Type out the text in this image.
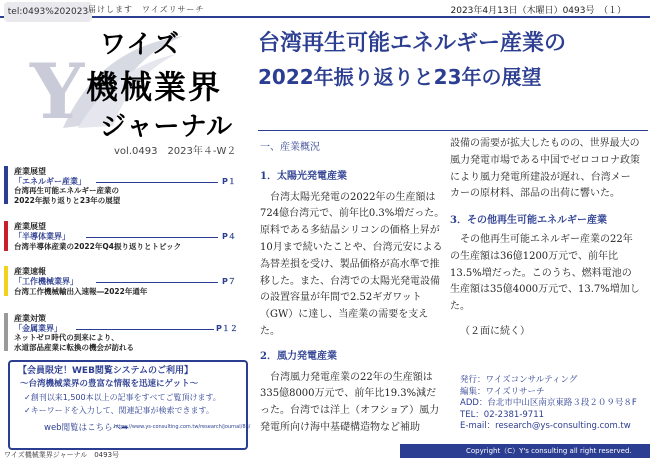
tel:0493%202023 届けします　ワイズリサーチ	2023年4月13日（木曜日）0493号　（１）
Y
ワイズ
機械業界
ジャーナル
vol.0493　2023年４-W２
台湾再生可能エネルギー産業の
2022年振り返りと23年の展望
産業展望
「エネルギー産業」	P１
台湾再生可能エネルギー産業の
2022年振り返りと23年の展望
産業展望
「半導体業界」	P４
台湾半導体産業の2022年Q4振り返りとトピック
産業速報
「工作機械業界」	P７
台湾工作機械輸出入速報―2022年通年
産業対策
「金属業界」	P１２
ネットゼロ時代の到来により、
水道部品産業に転換の機会が訪れる
【会員限定！WEB閲覧システムのご利用】
～台湾機械業界の豊富な情報を迅速にゲット～
✓創刊以来1,500本以上の記事をすべてご覧頂けます。
✓キーワードを入力して、関連記事が検索できます。
web閲覧はこちらへ➡
https://www.ys-consulting.com.tw/research/journal/88/
一、産業概況
1．太陽光発電産業
　台湾太陽光発電の2022年の生産額は724億台湾元で、前年比0.3%増だった。原料である多結晶シリコンの価格上昇が10月まで続いたことや、台湾元安による為替差損を受け、製品価格が高水準で推移した。また、台湾での太陽光発電設備の設置容量が年間で2.52ギガワット（GW）に達し、当産業の需要を支えた。
2．風力発電産業
　台湾風力発電産業の22年の生産額は335億8000万元で、前年比19.3%減だった。台湾では洋上（オフショア）風力発電所向け海中基礎構造物など補助
設備の需要が拡大したものの、世界最大の風力発電市場である中国でゼロコロナ政策により風力発電所建設が遅れ、台湾メーカーの原材料、部品の出荷に響いた。
3．その他再生可能エネルギー産業
　その他再生可能エネルギー産業の22年の生産額は36億1200万元で、前年比13.5%増だった。このうち、燃料電池の生産額は35億4000万元で、13.7%増加した。
（２面に続く）
発行：ワイズコンサルティング
編集：ワイズリサーチ
ADD：台北市中山区南京東路３段２０９号８F
TEL：02-2381-9711
E-mail：research@ys-consulting.com.tw
ワイズ機械業界ジャーナル　0493号	Copyright（C）Y's consulting all right reserved.
